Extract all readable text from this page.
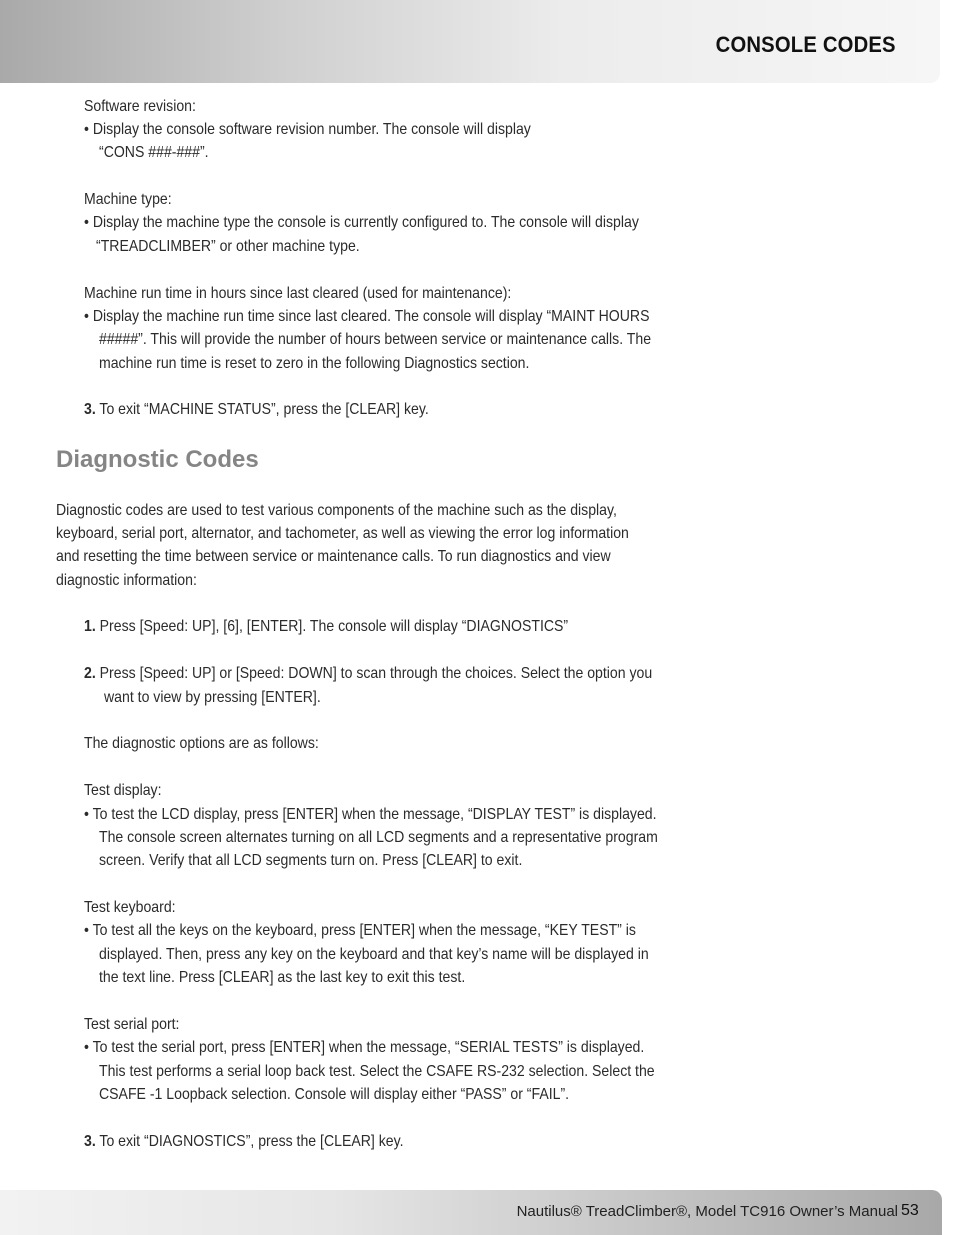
CONSOLE CODES
Software revision:
• Display the console software revision number. The console will display
“CONS ###-###”.
Machine type:
• Display the machine type the console is currently configured to. The console will display
“TREADCLIMBER” or other machine type.
Machine run time in hours since last cleared (used for maintenance):
• Display the machine run time since last cleared. The console will display “MAINT HOURS
#####”. This will provide the number of hours between service or maintenance calls. The
machine run time is reset to zero in the following Diagnostics section.
3. To exit “MACHINE STATUS”, press the [CLEAR] key.
Diagnostic Codes
Diagnostic codes are used to test various components of the machine such as the display,
keyboard, serial port, alternator, and tachometer, as well as viewing the error log information
and resetting the time between service or maintenance calls. To run diagnostics and view
diagnostic information:
1. Press [Speed: UP], [6], [ENTER]. The console will display “DIAGNOSTICS”
2. Press [Speed: UP] or [Speed: DOWN] to scan through the choices. Select the option you
want to view by pressing [ENTER].
The diagnostic options are as follows:
Test display:
• To test the LCD display, press [ENTER] when the message, “DISPLAY TEST” is displayed.
The console screen alternates turning on all LCD segments and a representative program
screen. Verify that all LCD segments turn on. Press [CLEAR] to exit.
Test keyboard:
• To test all the keys on the keyboard, press [ENTER] when the message, “KEY TEST” is
displayed. Then, press any key on the keyboard and that key’s name will be displayed in
the text line. Press [CLEAR] as the last key to exit this test.
Test serial port:
• To test the serial port, press [ENTER] when the message, “SERIAL TESTS” is displayed.
This test performs a serial loop back test. Select the CSAFE RS-232 selection. Select the
CSAFE -1 Loopback selection. Console will display either “PASS” or “FAIL”.
3. To exit “DIAGNOSTICS”, press the [CLEAR] key.
Nautilus® TreadClimber®, Model TC916 Owner’s Manual 53
